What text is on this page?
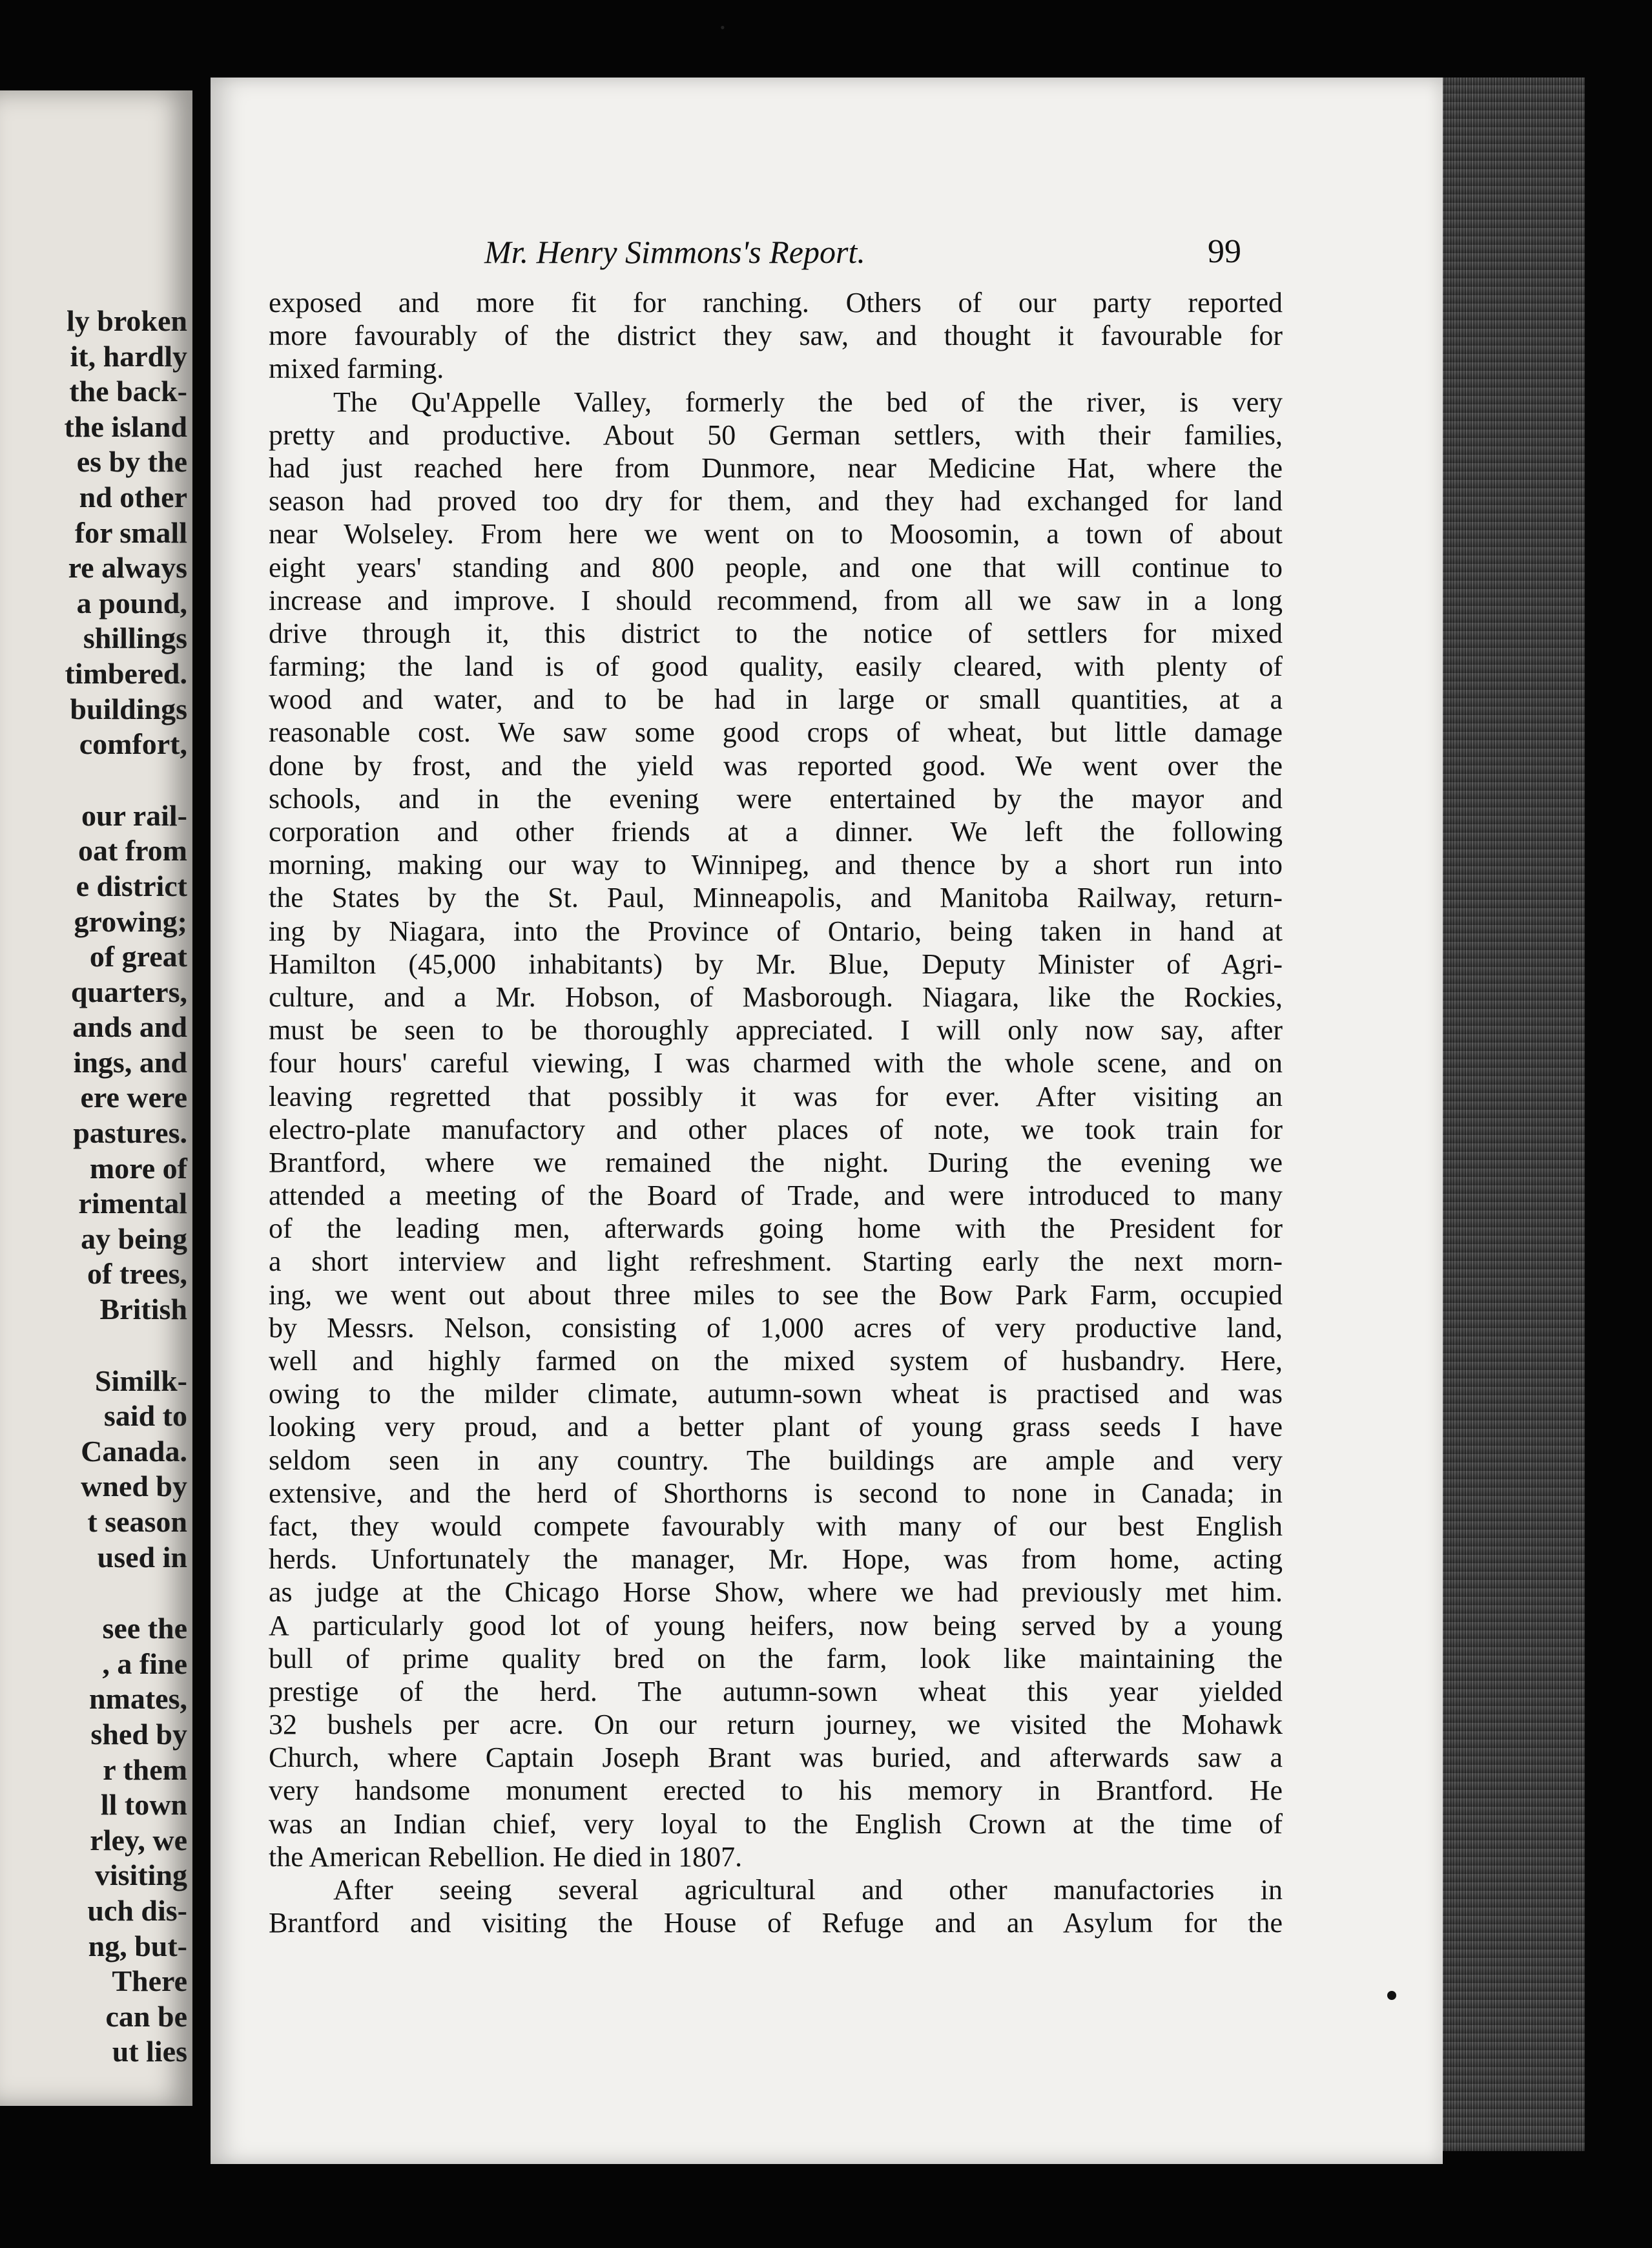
•
ly broken
it, hardly
the back-
the island
es by the
nd other
for small
re always
a pound,
shillings
timbered.
buildings
comfort,
our rail-
oat from
e district
growing;
of great
quarters,
ands and
ings, and
ere were
pastures.
more of
rimental
ay being
of trees,
British
Similk-
said to
Canada.
wned by
t season
used in
see the
, a fine
nmates,
shed by
r them
ll town
rley, we
visiting
uch dis-
ng, but-
There
can be
ut lies
Mr. Henry Simmons's Report.	99
exposed and more fit for ranching. Others of our party reported
more favourably of the district they saw, and thought it favourable for
mixed farming.
The Qu'Appelle Valley, formerly the bed of the river, is very
pretty and productive. About 50 German settlers, with their families,
had just reached here from Dunmore, near Medicine Hat, where the
season had proved too dry for them, and they had exchanged for land
near Wolseley. From here we went on to Moosomin, a town of about
eight years' standing and 800 people, and one that will continue to
increase and improve. I should recommend, from all we saw in a long
drive through it, this district to the notice of settlers for mixed
farming; the land is of good quality, easily cleared, with plenty of
wood and water, and to be had in large or small quantities, at a
reasonable cost. We saw some good crops of wheat, but little damage
done by frost, and the yield was reported good. We went over the
schools, and in the evening were entertained by the mayor and
corporation and other friends at a dinner. We left the following
morning, making our way to Winnipeg, and thence by a short run into
the States by the St. Paul, Minneapolis, and Manitoba Railway, return-
ing by Niagara, into the Province of Ontario, being taken in hand at
Hamilton (45,000 inhabitants) by Mr. Blue, Deputy Minister of Agri-
culture, and a Mr. Hobson, of Masborough. Niagara, like the Rockies,
must be seen to be thoroughly appreciated. I will only now say, after
four hours' careful viewing, I was charmed with the whole scene, and on
leaving regretted that possibly it was for ever. After visiting an
electro-plate manufactory and other places of note, we took train for
Brantford, where we remained the night. During the evening we
attended a meeting of the Board of Trade, and were introduced to many
of the leading men, afterwards going home with the President for
a short interview and light refreshment. Starting early the next morn-
ing, we went out about three miles to see the Bow Park Farm, occupied
by Messrs. Nelson, consisting of 1,000 acres of very productive land,
well and highly farmed on the mixed system of husbandry. Here,
owing to the milder climate, autumn-sown wheat is practised and was
looking very proud, and a better plant of young grass seeds I have
seldom seen in any country. The buildings are ample and very
extensive, and the herd of Shorthorns is second to none in Canada; in
fact, they would compete favourably with many of our best English
herds. Unfortunately the manager, Mr. Hope, was from home, acting
as judge at the Chicago Horse Show, where we had previously met him.
A particularly good lot of young heifers, now being served by a young
bull of prime quality bred on the farm, look like maintaining the
prestige of the herd. The autumn-sown wheat this year yielded
32 bushels per acre. On our return journey, we visited the Mohawk
Church, where Captain Joseph Brant was buried, and afterwards saw a
very handsome monument erected to his memory in Brantford. He
was an Indian chief, very loyal to the English Crown at the time of
the American Rebellion. He died in 1807.
After seeing several agricultural and other manufactories in
Brantford and visiting the House of Refuge and an Asylum for the
